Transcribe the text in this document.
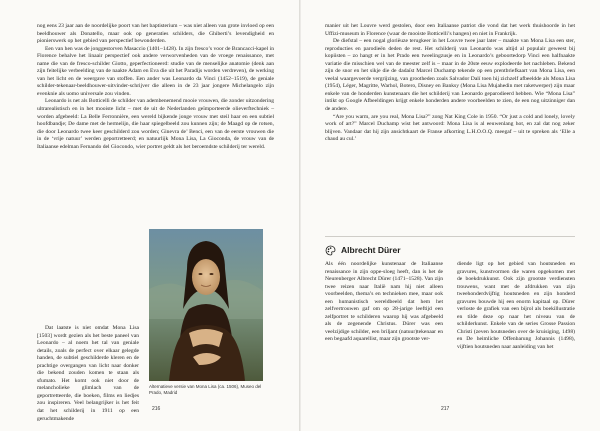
nog eens 23 jaar aan de noordelijke poort van het baptisterium – was niet alleen van grote invloed op een beeldhouwer als Donatello, maar ook op generaties schilders, die Ghiberti’s levendigheid en pionierswerk op het gebied van perspectief bewonderden.

Een van hen was de jonggestorven Masaccio (1401–1428). In zijn fresco’s voor de Brancacci-kapel in Florence behalve het linaair perspectief ook andere verworvenheden van de vroege renaissance, met name die van de fresco-schilder Giotto, geperfectioneerd: studie van de menselijke anatomie (denk aan zijn feitelijke verbeelding van de naakte Adam en Eva die uit het Paradijs worden verdreven), de werking van het licht en de weergave van stoffen. Een ander was Leonardo da Vinci (1452–1519), de geniale schilder-tekenaar-beeldhouwer-uitvinder-schrijver die alleen in de 23 jaar jongere Michelangelo zijn evenknie als uomo universale zou vinden.

Leonardo is net als Botticelli de schilder van adembenemend mooie vrouwen, die zonder uitzondering ultrarealistisch en in het mooiste licht – met de uit de Nederlanden geïmporteerde olieverftechniek – worden afgebeeld: La Belle Ferronnière, een wereld bijkende jonge vrouw met steil haar en een subtiel hoofdbandje; De dame met de hermelijn, die haar spiegelbeeld zou kunnen zijn; de Maagd op de rotsen, die door Leonardo twee keer geschilderd zou worden; Ginevra de’ Benci, een van de eerste vrouwen die in de ‘vrije natuur’ werden geportretteerd; en natuurlijk Mona Lisa, La Gioconda, de vrouw van de Italiaanse edelman Fernando del Giocondo, wier portret geldt als het beroemdste schilderij ter wereld.

Dat laatste is niet omdat Mona Lisa [1503] wordt gezien als het beste paneel van Leonardo – al noem het tal van geniale details, zoals de perfect over elkaar gelegde handen, de subtiel geschilderde kleren en de prachtige overgangen van licht naar donker die bekend zouden komen te staan als sfumato. Het komt ook niet door de melancholieke glimlach van de geportretteerde, die boeken, films en liedjes zou inspireren. Veel belangrijker is het feit dat het schilderij in 1911 op een geruchtmakende

Alternatieve versie van Mona Lisa (ca. 1506), Museo del Prado, Madrid
216

manier uit het Louvre werd gestolen, door een Italiaanse patriot die vond dat het werk thuishoorde in het Uffizi-museum in Florence (waar de mooiste Botticelli’s hangen) en niet in Frankrijk.

De diefstal – een nogal gloriëuze terugkeer in het Louvre twee jaar later – maakte van Mona Lisa een ster, reproducties en parodieën deden de rest. Het schilderij van Leonardo was altijd al populair geweest bij kopiisten – zo hangt er in het Prado een tweelingzusje en in Leonardo’s geboortedorp Vinci een halfnaakte variatie die misschien wel van de meester zelf is – maar in de 20ste eeuw explodeerde het nachleben. Bekend zijn de snor en het sikje die de dadaïst Marcel Duchamp tekende op een prentbriefkaart van Mona Lisa, een veelal waargevoerde vergrijzing, van grootheden zoals Salvador Dalí toen hij zichzelf afbeeldde als Mona Lisa (1954), Léger, Magritte, Warhol, Botero, Disney en Banksy (Mona Lisa Mujahedin met raketwerper) zijn maar enkele van de honderden kunstenaars die het schilderij van Leonardo geparodieerd hebben. Wie “Mona Lisa” intikt op Google Afbeeldingen krijgt enkele honderden andere voorbeelden te zien, de een nog uitzinniger dan de andere.

“Are you warm, are you real, Mona Lisa?” zong Nat King Cole in 1950. “Or just a cold and lonely, lovely work of art?” Marcel Duchamp wist het antwoord: Mona Lisa is al eeuwenlang hot, en zal dat nog zeker blijven. Vandaar dat hij zijn ansichtkaart de Franse afkorting L.H.O.O.Q. meegaf – uit te spreken als ‘Elle a chaud au cul.’

Albrecht Dürer

Als één noordelijke kunstenaar de Italiaanse renaissance in zijn oppe-sloeg heeft, dan is het de Neurenberger Albrecht Dürer (1471–1528). Van zijn twee reizen naar Italië nam hij niet alleen voorbeelden, thema’s en technieken mee, maar ook een humanistisch wereldbeeld dat hem het zelfvertrouwen gaf om op 28-jarige leeftijd een zelfportret te schilderen waarop hij was afgebeeld als de zegenende Christus. Dürer was een veelzijdige schilder, een briljant (natuur)tekenaar en een begaafd aquarellist, maar zijn grootste ver-

diende ligt op het gebied van houtsneden en gravures, kunstvormen die waren opgekomen met de boekdrukkunst. Ook zijn grootste verdiensten trouwens, want met de afdrukken van zijn tweehonderdvijftig houtsneden en zijn honderd gravures bouwde hij een enorm kapitaal op. Dürer verloste de grafiek van een bijrol als boekillustratie en tilde deze op naar het niveau van de schilderkunst. Enkele van de series Grosse Passion Christi (zeven houtsneden over de kruisiging, 1498) en De heimliche Offenbarung Johannis (1498), vijftien houtsneden naar aanleiding van het

217
